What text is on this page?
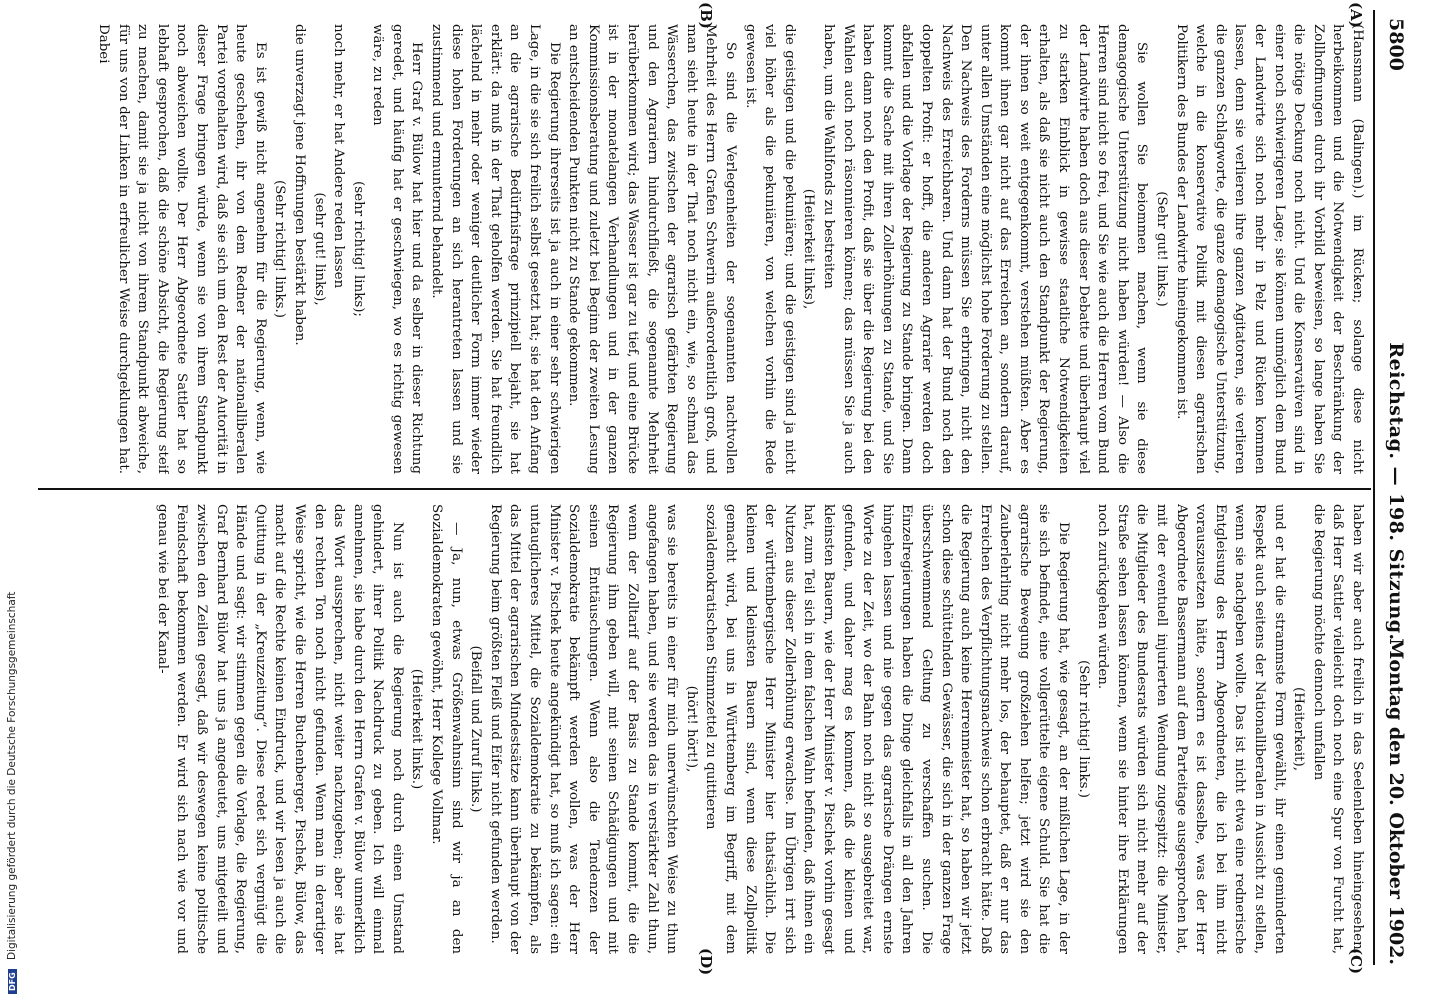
5800
Reichstag. — 198. Sitzung.
Montag den 20. Oktober 1902.
(A)
(B)
(C)
(D)

(Hansmann (Balingen).) im Rücken; solange diese nicht herbeikommen und die Notwendigkeit der Beschränkung der Zollhoffnungen durch ihr Vorbild beweisen, so lange haben Sie die nötige Deckung noch nicht. Und die Konservativen sind in einer noch schwierigeren Lage; sie können unmöglich dem Bund der Landwirte sich noch mehr in Pelz und Rücken kommen lassen, denn sie verlieren ihre ganzen Agitatoren, sie verlieren die ganzen Schlagworte, die ganze demagogische Unterstützung, welche in die konservative Politik mit diesen agrarischen Politikern des Bundes der Landwirte hineingekommen ist.

(Sehr gut! links.)

Sie wollen Sie beiommen machen, wenn sie diese demagogische Unterstützung nicht haben würden! — Also die Herren sind nicht so frei, und Sie wie auch die Herren vom Bund der Landwirte haben doch aus dieser Debatte und überhaupt viel zu starken Einblick in gewisse staatliche Notwendigkeiten erhalten, als daß sie nicht auch den Standpunkt der Regierung, der ihnen so weit entgegenkommt, verstehen müßten. Aber es kommt ihnen gar nicht auf das Erreichen an, sondern darauf, unter allen Umständen eine möglichst hohe Forderung zu stellen. Den Nachweis des Forderns müssen Sie erbringen, nicht den Nachweis des Erreichbaren. Und dann hat der Bund noch den doppelten Profit: er hofft, die anderen Agrarier werden doch abfallen und die Vorlage der Regierung zu Stande bringen. Dann kommt die Sache mit ihren Zollerhöhungen zu Stande, und Sie haben dann noch den Profit, daß sie über die Regierung bei den Wahlen auch noch räsonnieren können; das müssen Sie ja auch haben, um die Wahlfonds zu bestreiten

(Heiterkeit links),

die geistigen und die pekuniären; und die geistigen sind ja nicht viel höher als die pekuniären, von welchen vorhin die Rede gewesen ist.

So sind die Verlegenheiten der sogenannten nachtvollen Mehrheit des Herrn Grafen Schwerin außerordentlich groß, und man sieht heute in der That noch nicht ein, wie, so schmal das Wässerchen, das zwischen der agrarisch gefärbten Regierung und den Agrariern hindurchfließt, die sogenannte Mehrheit herüberkommen wird; das Wasser ist gar zu tief, und eine Brücke ist in der monatelangen Verhandlungen und in der ganzen Kommissionsberatung und zuletzt bei Beginn der zweiten Lesung an entscheidenden Punkten nicht zu Stande gekommen.

Die Regierung ihrerseits ist ja auch in einer sehr schwierigen Lage, in die sie sich freilich selbst gesetzt hat; sie hat den Anfang an die agrarische Bedürfnisfrage prinzipiell bejaht, sie hat erklärt: da muß in der That geholfen werden. Sie hat freundlich lächelnd in mehr oder weniger deutlicher Form immer wieder diese hohen Forderungen an sich herantreten lassen und sie zustimmend und ermunternd behandelt.

Herr Graf v. Bülow hat hier und da selber in dieser Richtung geredet, und häufig hat er geschwiegen, wo es richtig gewesen wäre, zu reden

(sehr richtig! links);

noch mehr, er hat Andere reden lassen

(sehr gut! links),

die unverzagt jene Hoffnungen bestärkt haben.

(Sehr richtig! links.)

Es ist gewiß nicht angenehm für die Regierung, wenn, wie heute geschehen, ihr von dem Redner der nationalliberalen Partei vorgehalten wird, daß sie sich um den Rest der Autorität in dieser Frage bringen würde, wenn sie von ihrem Standpunkt noch abweichen wollte. Der Herr Abgeordnete Sattler hat so lebhaft gesprochen, daß die schöne Absicht, die Regierung steif zu machen, damit sie ja nicht von ihrem Standpunkt abweiche, für uns von der Linken in erfreulicher Weise durchgeklungen hat. Dabei

haben wir aber auch freilich in das Seelenleben hineingesehen, daß Herr Sattler vielleicht doch noch eine Spur von Furcht hat, die Regierung möchte dennoch umfallen

(Heiterkeit),

und er hat die strammste Form gewählt, ihr einen geminderten Respekt auch seitens der Nationalliberalen in Aussicht zu stellen, wenn sie nachgeben wollte. Das ist nicht etwa eine rednerische Entgleisung des Herrn Abgeordneten, die ich bei ihm nicht vorauszusetzen hätte, sondern es ist dasselbe, was der Herr Abgeordnete Bassermann auf dem Parteitage ausgesprochen hat, mit der eventuell injurierten Wendung zugespitzt: die Minister, die Mitglieder des Bundesrats würden sich nicht mehr auf der Straße sehen lassen können, wenn sie hinter ihre Erklärungen noch zurückgehen würden.

(Sehr richtig! links.)

Die Regierung hat, wie gesagt, an der mißlichen Lage, in der sie sich befindet, eine vollgerüttelte eigene Schuld. Sie hat die agrarische Bewegung großziehen helfen; jetzt wird sie den Zauberlehrling nicht mehr los, der behauptet, daß er nur das Erreichen des Verpflichtungsnachweis schon erbracht hätte. Daß die Regierung auch keine Herrenmeister hat, so haben wir jetzt schon diese schüttelnden Gewässer, die sich in der ganzen Frage überschwemmend Geltung zu verschaffen suchen. Die Einzelregierungen haben die Dinge gleichfalls in all den Jahren hingehen lassen und nie gegen das agrarische Drängen ernste Worte zu der Zeit, wo der Bahn noch nicht so ausgebreitet war, gefunden, und daher mag es kommen, daß die kleinen und kleinsten Bauern, wie der Herr Minister v. Pischek vorhin gesagt hat, zum Teil sich in dem falschen Wahn befinden, daß ihnen ein Nutzen aus dieser Zollerhöhung erwachse. Im Übrigen irrt sich der württembergische Herr Minister hier thatsächlich. Die kleinen und kleinsten Bauern sind, wenn diese Zollpolitik gemacht wird, bei uns in Württemberg im Begriff, mit dem sozialdemokratischen Stimmzettel zu quittieren

(hört! hört!),

was sie bereits in einer für mich unerwünschten Weise zu thun angefangen haben, und sie werden das in verstärkter Zahl thun, wenn der Zolltarif auf der Basis zu Stande kommt, die die Regierung ihm geben will, mit seinen Schädigungen und mit seinen Enttäuschungen. Wenn also die Tendenzen der Sozialdemokratie bekämpft werden wollen, was der Herr Minister v. Pischek heute angekündigt hat, so muß ich sagen: ein untauglicheres Mittel, die Sozialdemokratie zu bekämpfen, als das Mittel der agrarischen Mindestsätze kann überhaupt von der Regierung beim größten Fleiß und Eifer nicht gefunden werden.

(Beifall und Zuruf links.)

— Ja, nun, etwas Größenwahnsinn sind wir ja an den Sozialdemokraten gewöhnt, Herr Kollege Vollmar.

(Heiterkeit links.)

Nun ist auch die Regierung noch durch einen Umstand gehindert, ihrer Politik Nachdruck zu geben. Ich will einmal annehmen, sie habe durch den Herrn Grafen v. Bülow unmerklich das Wort aussprechen, nicht weiter nachzugeben; aber sie hat den rechten Ton noch nicht gefunden. Wenn man in derartiger Weise spricht, wie die Herren Buchenberger, Pischek, Bülow, das macht auf die Rechte keinen Eindruck, und wir lesen ja auch die Quittung in der „Kreuzzeitung“. Diese redet sich vergnügt die Hände und sagt: wir stimmen gegen die Vorlage, die Regierung, Graf Bernhard Bülow hat uns ja angedeutet, uns mitgeteilt und zwischen den Zeilen gesagt, daß wir deswegen keine politische Feindschaft bekommen werden. Er wird sich nach wie vor und genau wie bei der Kanal-

DFG Digitalisierung gefördert durch die Deutsche Forschungsgemeinschaft
